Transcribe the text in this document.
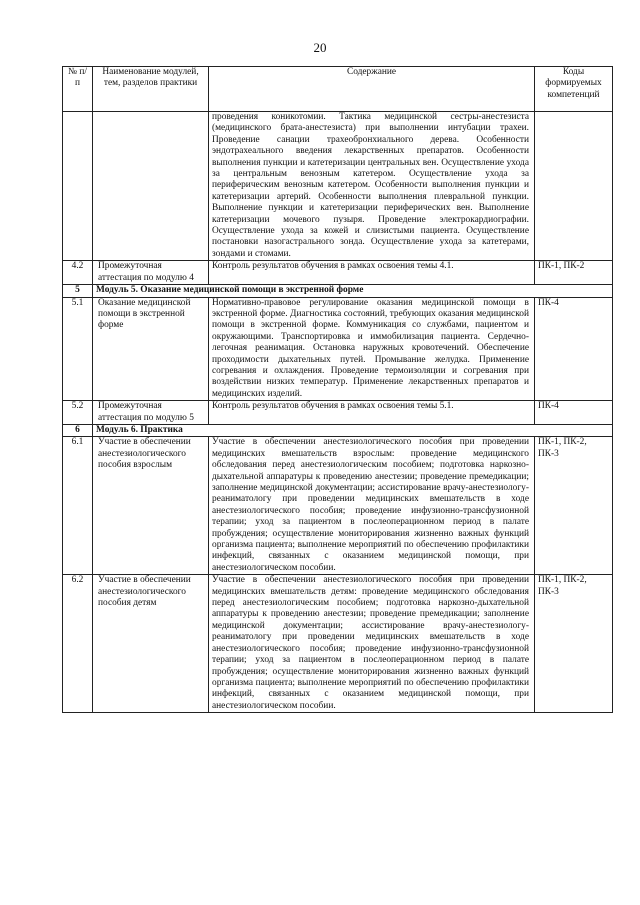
20
№ п/п	Наименование модулей, тем, разделов практики	Содержание	Коды формируемых компетенций

		проведения коникотомии. Тактика медицинской сестры-анестезиста (медицинского брата-анестезиста) при выполнении интубации трахеи. Проведение санации трахеобронхиального дерева. Особенности эндотрахеального введения лекарственных препаратов. Особенности выполнения пункции и катетеризации центральных вен. Осуществление ухода за центральным венозным катетером. Осуществление ухода за периферическим венозным катетером. Особенности выполнения пункции и катетеризации артерий. Особенности выполнения плевральной пункции. Выполнение пункции и катетеризации периферических вен. Выполнение катетеризации мочевого пузыря. Проведение электрокардиографии. Осуществление ухода за кожей и слизистыми пациента. Осуществление постановки назогастрального зонда. Осуществление ухода за катетерами, зондами и стомами.	

4.2	Промежуточная аттестация по модулю 4	Контроль результатов обучения в рамках освоения темы 4.1.	ПК-1, ПК-2
5	Модуль 5. Оказание медицинской помощи в экстренной форме		
5.1	Оказание медицинской помощи в экстренной форме	Нормативно-правовое регулирование оказания медицинской помощи в экстренной форме. Диагностика состояний, требующих оказания медицинской помощи в экстренной форме. Коммуникация со службами, пациентом и окружающими. Транспортировка и иммобилизация пациента. Сердечно-легочная реанимация. Остановка наружных кровотечений. Обеспечение проходимости дыхательных путей. Промывание желудка. Применение согревания и охлаждения. Проведение термоизоляции и согревания при воздействии низких температур. Применение лекарственных препаратов и медицинских изделий.	ПК-4
5.2	Промежуточная аттестация по модулю 5	Контроль результатов обучения в рамках освоения темы 5.1.	ПК-4
6	Модуль 6. Практика		
6.1	Участие в обеспечении анестезиологического пособия взрослым	Участие в обеспечении анестезиологического пособия при проведении медицинских вмешательств взрослым: проведение медицинского обследования перед анестезиологическим пособием; подготовка наркозно-дыхательной аппаратуры к проведению анестезии; проведение премедикации; заполнение медицинской документации; ассистирование врачу-анестезиологу-реаниматологу при проведении медицинских вмешательств в ходе анестезиологического пособия; проведение инфузионно-трансфузионной терапии; уход за пациентом в послеоперационном период в палате пробуждения; осуществление мониторирования жизненно важных функций организма пациента; выполнение мероприятий по обеспечению профилактики инфекций, связанных с оказанием медицинской помощи, при анестезиологическом пособии.	ПК-1, ПК-2, ПК-3
6.2	Участие в обеспечении анестезиологического пособия детям	Участие в обеспечении анестезиологического пособия при проведении медицинских вмешательств детям: проведение медицинского обследования перед анестезиологическим пособием; подготовка наркозно-дыхательной аппаратуры к проведению анестезии; проведение премедикации; заполнение медицинской документации; ассистирование врачу-анестезиологу-реаниматологу при проведении медицинских вмешательств в ходе анестезиологического пособия; проведение инфузионно-трансфузионной терапии; уход за пациентом в послеоперационном период в палате пробуждения; осуществление мониторирования жизненно важных функций организма пациента; выполнение мероприятий по обеспечению профилактики инфекций, связанных с оказанием медицинской помощи, при анестезиологическом пособии.	ПК-1, ПК-2, ПК-3
